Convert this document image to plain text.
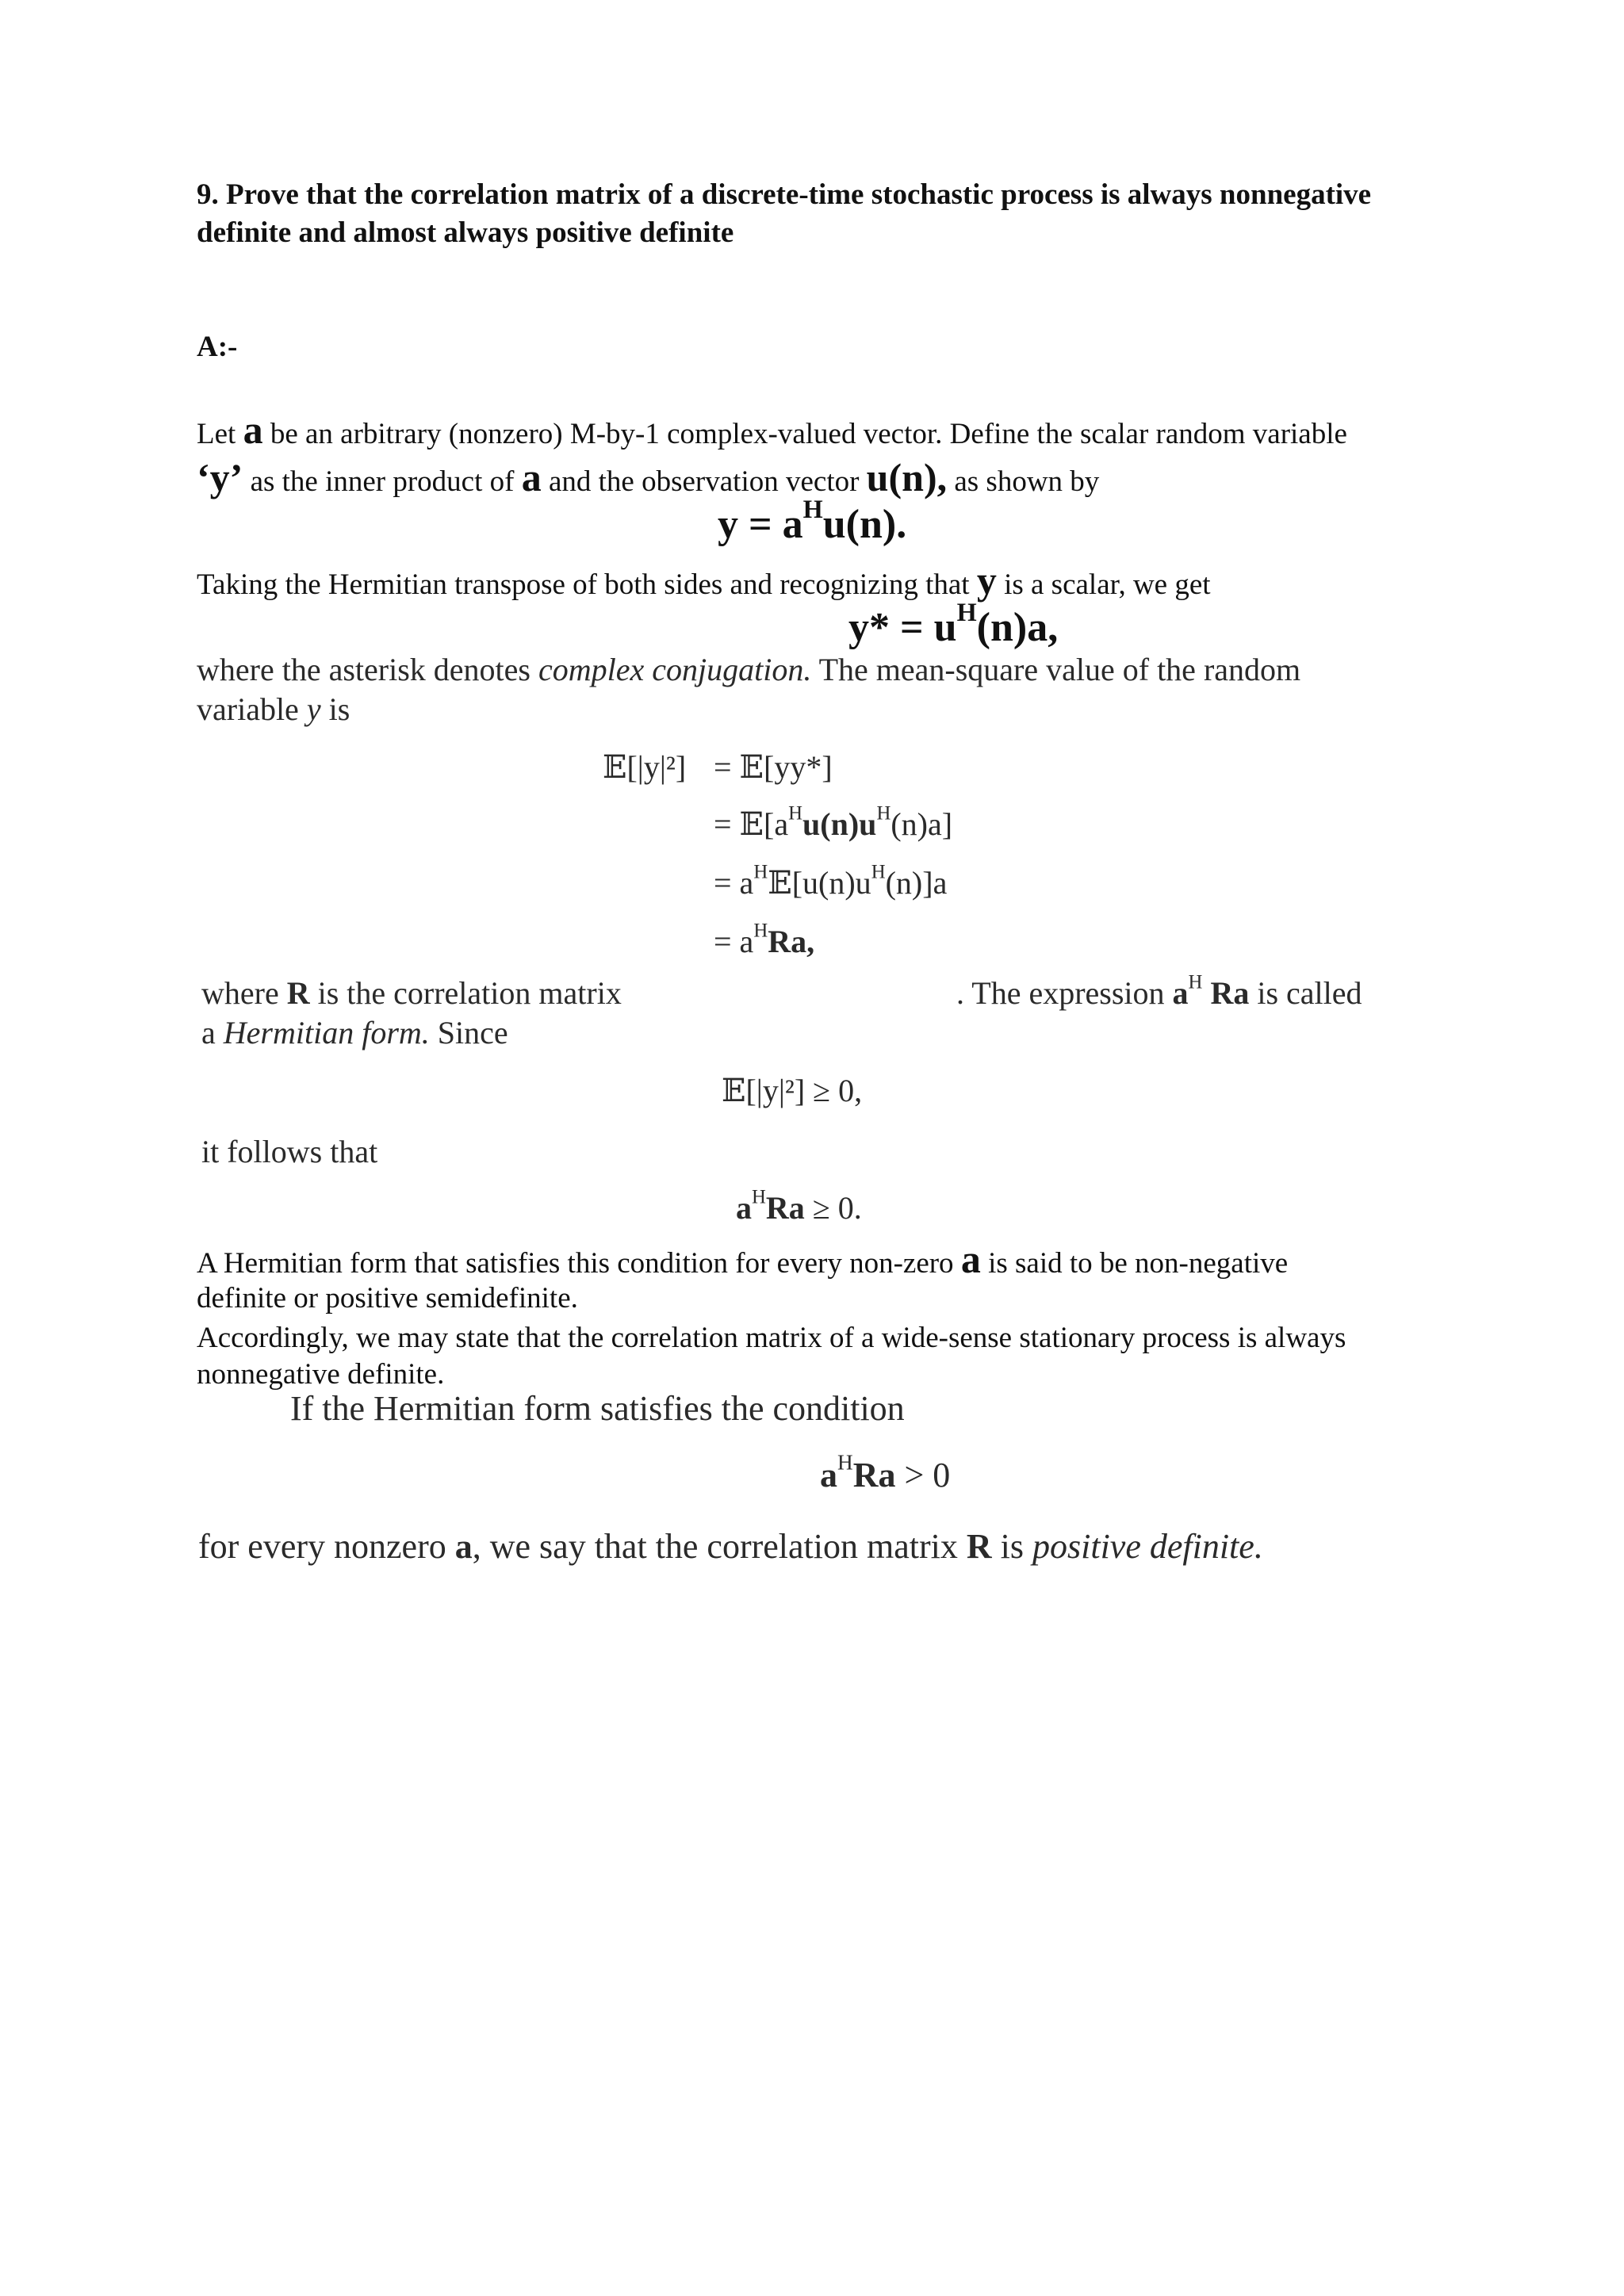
9. Prove that the correlation matrix of a discrete-time stochastic process is always nonnegative

definite and almost always positive definite

A:-

Let a be an arbitrary (nonzero) M-by-1 complex-valued vector. Define the scalar random variable

‘y’ as the inner product of a and the observation vector u(n), as shown by

$y = a^Hu(n)$.

Taking the Hermitian transpose of both sides and recognizing that y is a scalar, we get

$y* = u^H(n)a$,

where the asterisk denotes complex conjugation. The mean-square value of the random

variable y is

𝔼[|y|²] = 𝔼[yy*]

= $𝔼[a^Hu(n)u^H(n)a]$

= $a^H𝔼[u(n)u^H(n)]a$

= $a^HRa$,

where R is the correlation matrix	. The expression $a^H$ Ra is called

a Hermitian form. Since

𝔼[|y|²] ≥ 0,

it follows that

$a^HRa \ge 0$.

A Hermitian form that satisfies this condition for every non-zero a is said to be non-negative

definite or positive semidefinite.

Accordingly, we may state that the correlation matrix of a wide-sense stationary process is always

nonnegative definite.

If the Hermitian form satisfies the condition

$a^HRa > 0$

for every nonzero a, we say that the correlation matrix R is positive definite.
